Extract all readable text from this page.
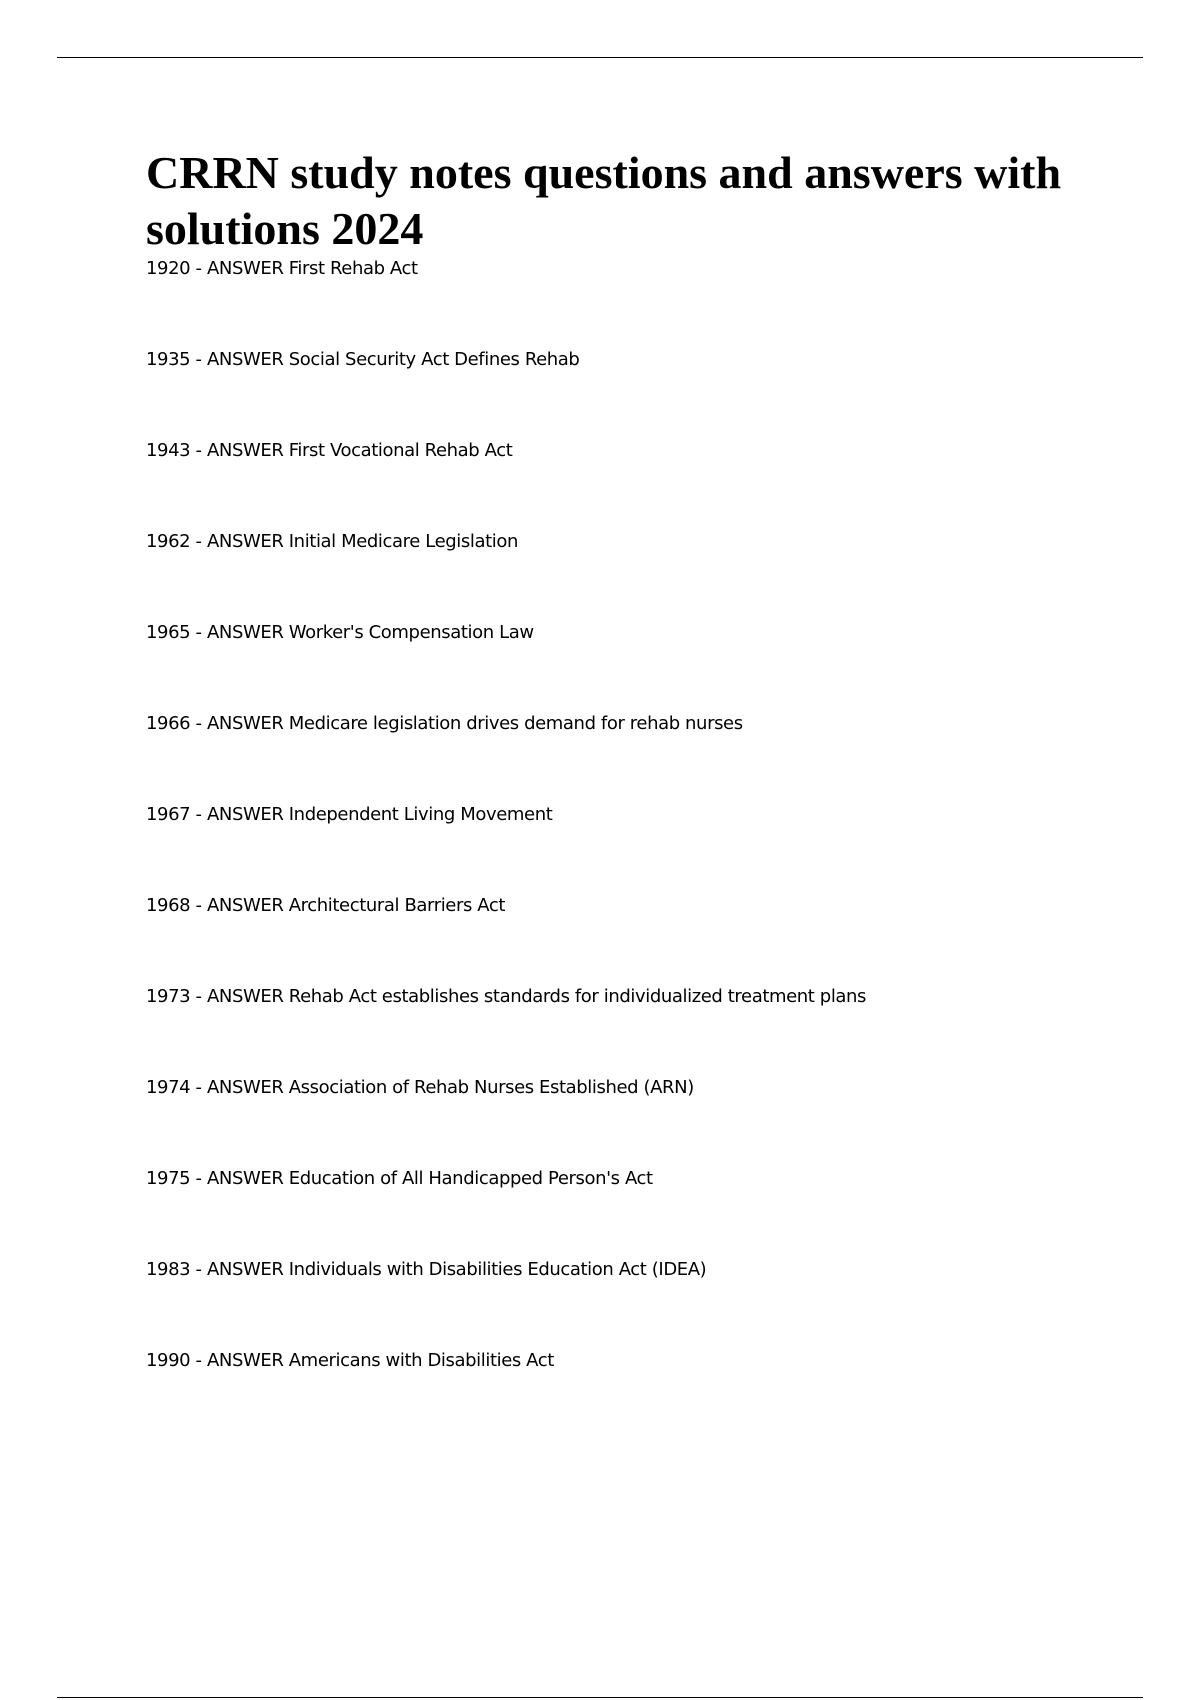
CRRN study notes questions and answers with solutions 2024
1920 - ANSWER First Rehab Act
1935 - ANSWER Social Security Act Defines Rehab
1943 - ANSWER First Vocational Rehab Act
1962 - ANSWER Initial Medicare Legislation
1965 - ANSWER Worker's Compensation Law
1966 - ANSWER Medicare legislation drives demand for rehab nurses
1967 - ANSWER Independent Living Movement
1968 - ANSWER Architectural Barriers Act
1973 - ANSWER Rehab Act establishes standards for individualized treatment plans
1974 - ANSWER Association of Rehab Nurses Established (ARN)
1975 - ANSWER Education of All Handicapped Person's Act
1983 - ANSWER Individuals with Disabilities Education Act (IDEA)
1990 - ANSWER Americans with Disabilities Act
